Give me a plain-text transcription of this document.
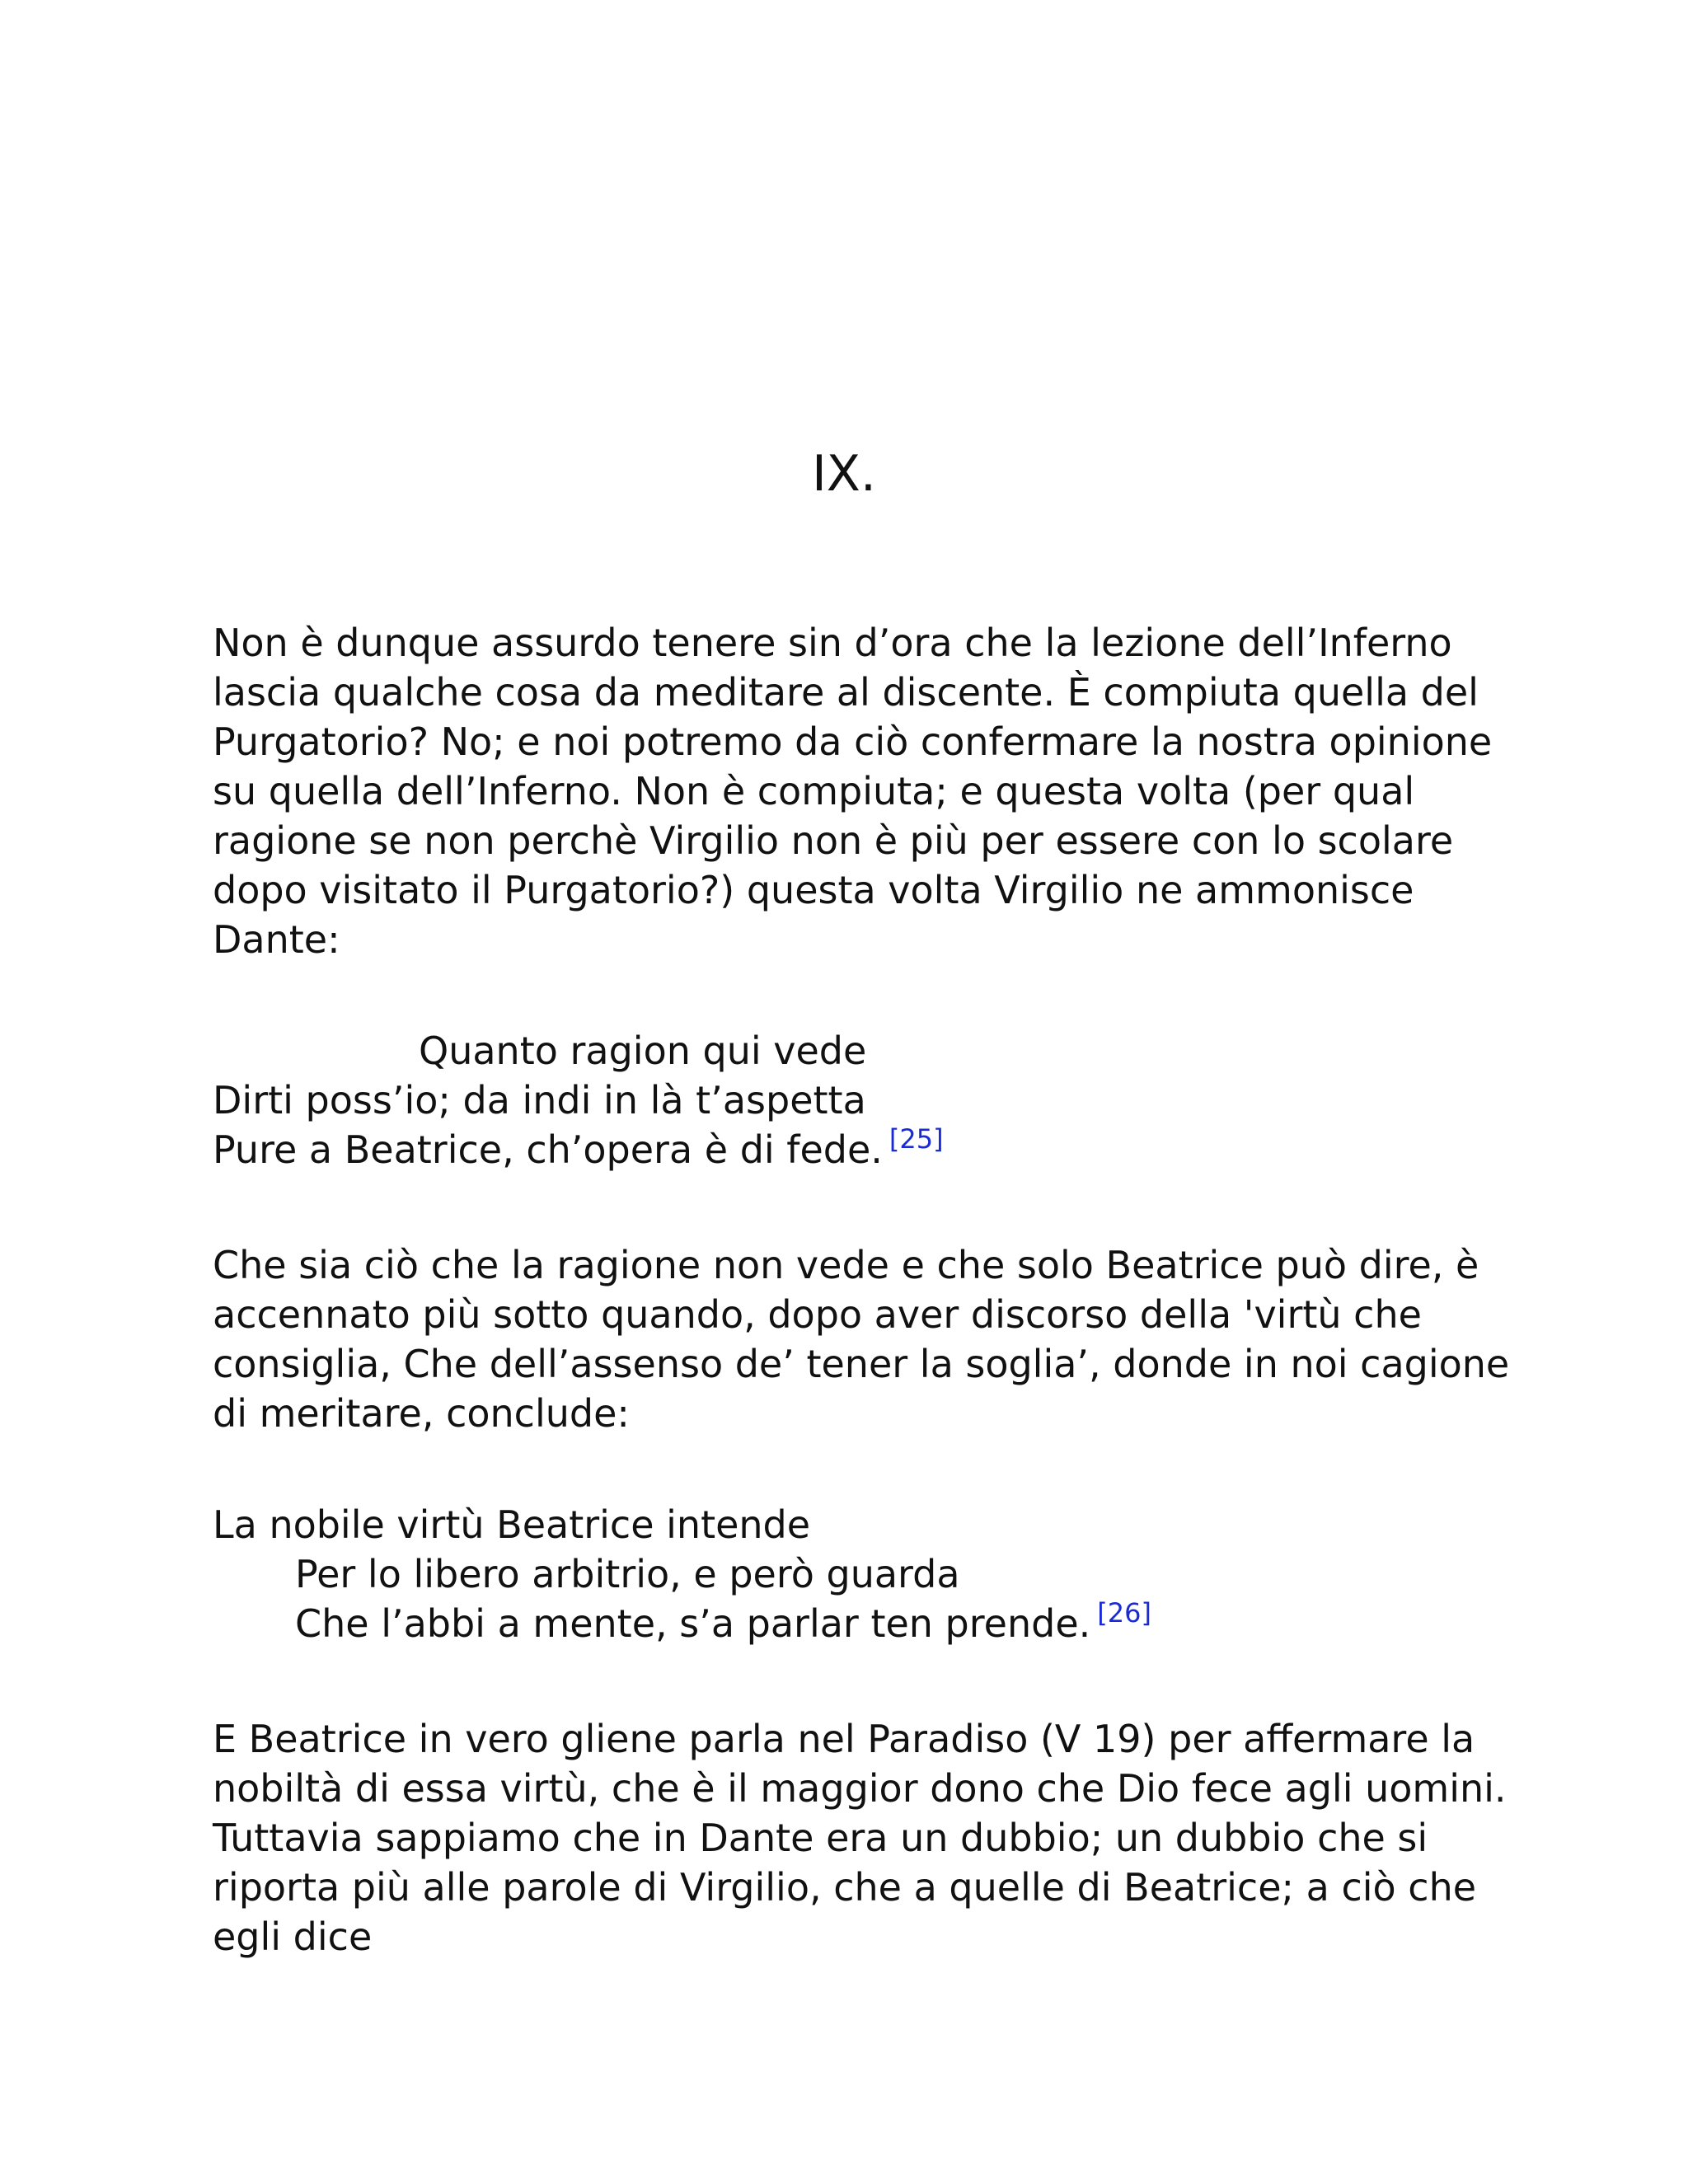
IX.
Non è dunque assurdo tenere sin d’ora che la lezione dell’Inferno
lascia qualche cosa da meditare al discente. È compiuta quella del
Purgatorio? No; e noi potremo da ciò confermare la nostra opinione
su quella dell’Inferno. Non è compiuta; e questa volta (per qual
ragione se non perchè Virgilio non è più per essere con lo scolare
dopo visitato il Purgatorio?) questa volta Virgilio ne ammonisce
Dante:
Quanto ragion qui vede
Dirti poss’io; da indi in là t’aspetta
Pure a Beatrice, ch’opera è di fede. [25]
Che sia ciò che la ragione non vede e che solo Beatrice può dire, è
accennato più sotto quando, dopo aver discorso della 'virtù che
consiglia, Che dell’assenso de’ tener la soglia’, donde in noi cagione
di meritare, conclude:
La nobile virtù Beatrice intende
Per lo libero arbitrio, e però guarda
Che l’abbi a mente, s’a parlar ten prende. [26]
E Beatrice in vero gliene parla nel Paradiso (V 19) per affermare la
nobiltà di essa virtù, che è il maggior dono che Dio fece agli uomini.
Tuttavia sappiamo che in Dante era un dubbio; un dubbio che si
riporta più alle parole di Virgilio, che a quelle di Beatrice; a ciò che
egli dice
